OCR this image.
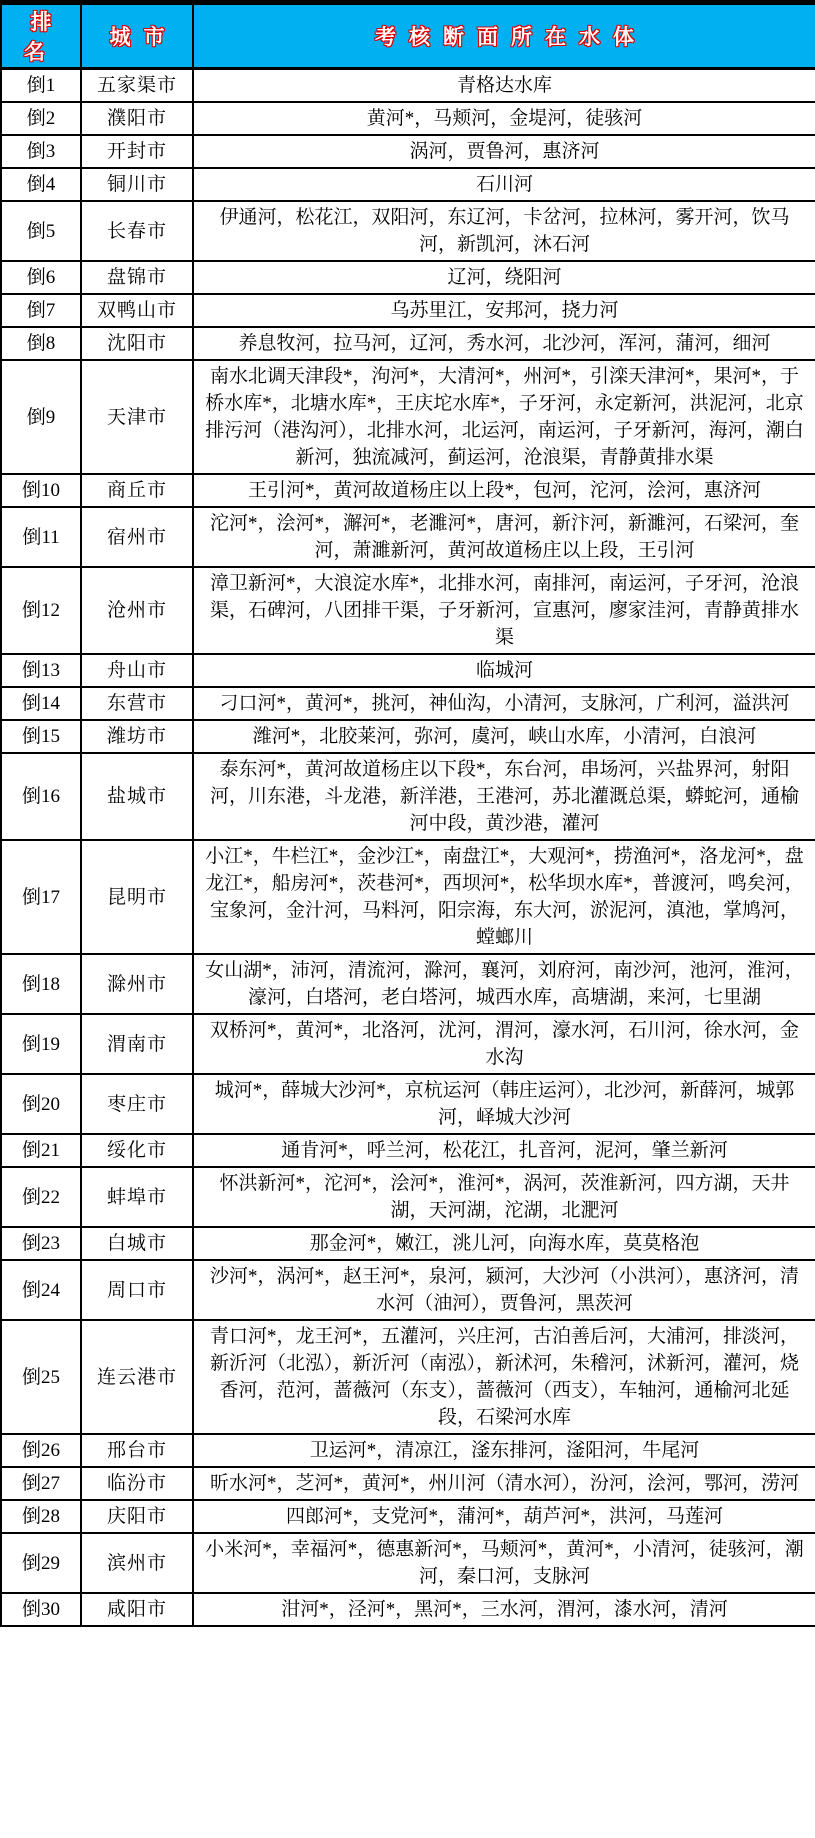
排名	城市	考核断面所在水体
倒1	五家渠市	青格达水库
倒2	濮阳市	黄河*，马颊河，金堤河，徒骇河
倒3	开封市	涡河，贾鲁河，惠济河
倒4	铜川市	石川河
倒5	长春市	伊通河，松花江，双阳河，东辽河，卡岔河，拉林河，雾开河，饮马河，新凯河，沐石河
倒6	盘锦市	辽河，绕阳河
倒7	双鸭山市	乌苏里江，安邦河，挠力河
倒8	沈阳市	养息牧河，拉马河，辽河，秀水河，北沙河，浑河，蒲河，细河
倒9	天津市	南水北调天津段*，泃河*，大清河*，州河*，引滦天津河*，果河*，于桥水库*，北塘水库*，王庆坨水库*，子牙河，永定新河，洪泥河，北京排污河（港沟河），北排水河，北运河，南运河，子牙新河，海河，潮白新河，独流减河，蓟运河，沧浪渠，青静黄排水渠
倒10	商丘市	王引河*，黄河故道杨庄以上段*，包河，沱河，浍河，惠济河
倒11	宿州市	沱河*，浍河*，澥河*，老濉河*，唐河，新汴河，新濉河，石梁河，奎河，萧濉新河，黄河故道杨庄以上段，王引河
倒12	沧州市	漳卫新河*，大浪淀水库*，北排水河，南排河，南运河，子牙河，沧浪渠，石碑河，八团排干渠，子牙新河，宣惠河，廖家洼河，青静黄排水渠
倒13	舟山市	临城河
倒14	东营市	刁口河*，黄河*，挑河，神仙沟，小清河，支脉河，广利河，溢洪河
倒15	潍坊市	潍河*，北胶莱河，弥河，虞河，峡山水库，小清河，白浪河
倒16	盐城市	泰东河*，黄河故道杨庄以下段*，东台河，串场河，兴盐界河，射阳河，川东港，斗龙港，新洋港，王港河，苏北灌溉总渠，蟒蛇河，通榆河中段，黄沙港，灌河
倒17	昆明市	小江*，牛栏江*，金沙江*，南盘江*，大观河*，捞渔河*，洛龙河*，盘龙江*，船房河*，茨巷河*，西坝河*，松华坝水库*，普渡河，鸣矣河，宝象河，金汁河，马料河，阳宗海，东大河，淤泥河，滇池，掌鸠河，螳螂川
倒18	滁州市	女山湖*，沛河，清流河，滁河，襄河，刘府河，南沙河，池河，淮河，濠河，白塔河，老白塔河，城西水库，高塘湖，来河，七里湖
倒19	渭南市	双桥河*，黄河*，北洛河，沋河，渭河，濠水河，石川河，徐水河，金水沟
倒20	枣庄市	城河*，薛城大沙河*，京杭运河（韩庄运河），北沙河，新薛河，城郭河，峄城大沙河
倒21	绥化市	通肯河*，呼兰河，松花江，扎音河，泥河，肇兰新河
倒22	蚌埠市	怀洪新河*，沱河*，浍河*，淮河*，涡河，茨淮新河，四方湖，天井湖，天河湖，沱湖，北淝河
倒23	白城市	那金河*，嫩江，洮儿河，向海水库，莫莫格泡
倒24	周口市	沙河*，涡河*，赵王河*，泉河，颍河，大沙河（小洪河），惠济河，清水河（油河），贾鲁河，黑茨河
倒25	连云港市	青口河*，龙王河*，五灌河，兴庄河，古泊善后河，大浦河，排淡河，新沂河（北泓），新沂河（南泓），新沭河，朱稽河，沭新河，灌河，烧香河，范河，蔷薇河（东支），蔷薇河（西支），车轴河，通榆河北延段，石梁河水库
倒26	邢台市	卫运河*，清凉江，滏东排河，滏阳河，牛尾河
倒27	临汾市	昕水河*，芝河*，黄河*，州川河（清水河），汾河，浍河，鄂河，涝河
倒28	庆阳市	四郎河*，支党河*，蒲河*，葫芦河*，洪河，马莲河
倒29	滨州市	小米河*，幸福河*，德惠新河*，马颊河*，黄河*，小清河，徒骇河，潮河，秦口河，支脉河
倒30	咸阳市	泔河*，泾河*，黑河*，三水河，渭河，漆水河，清河
